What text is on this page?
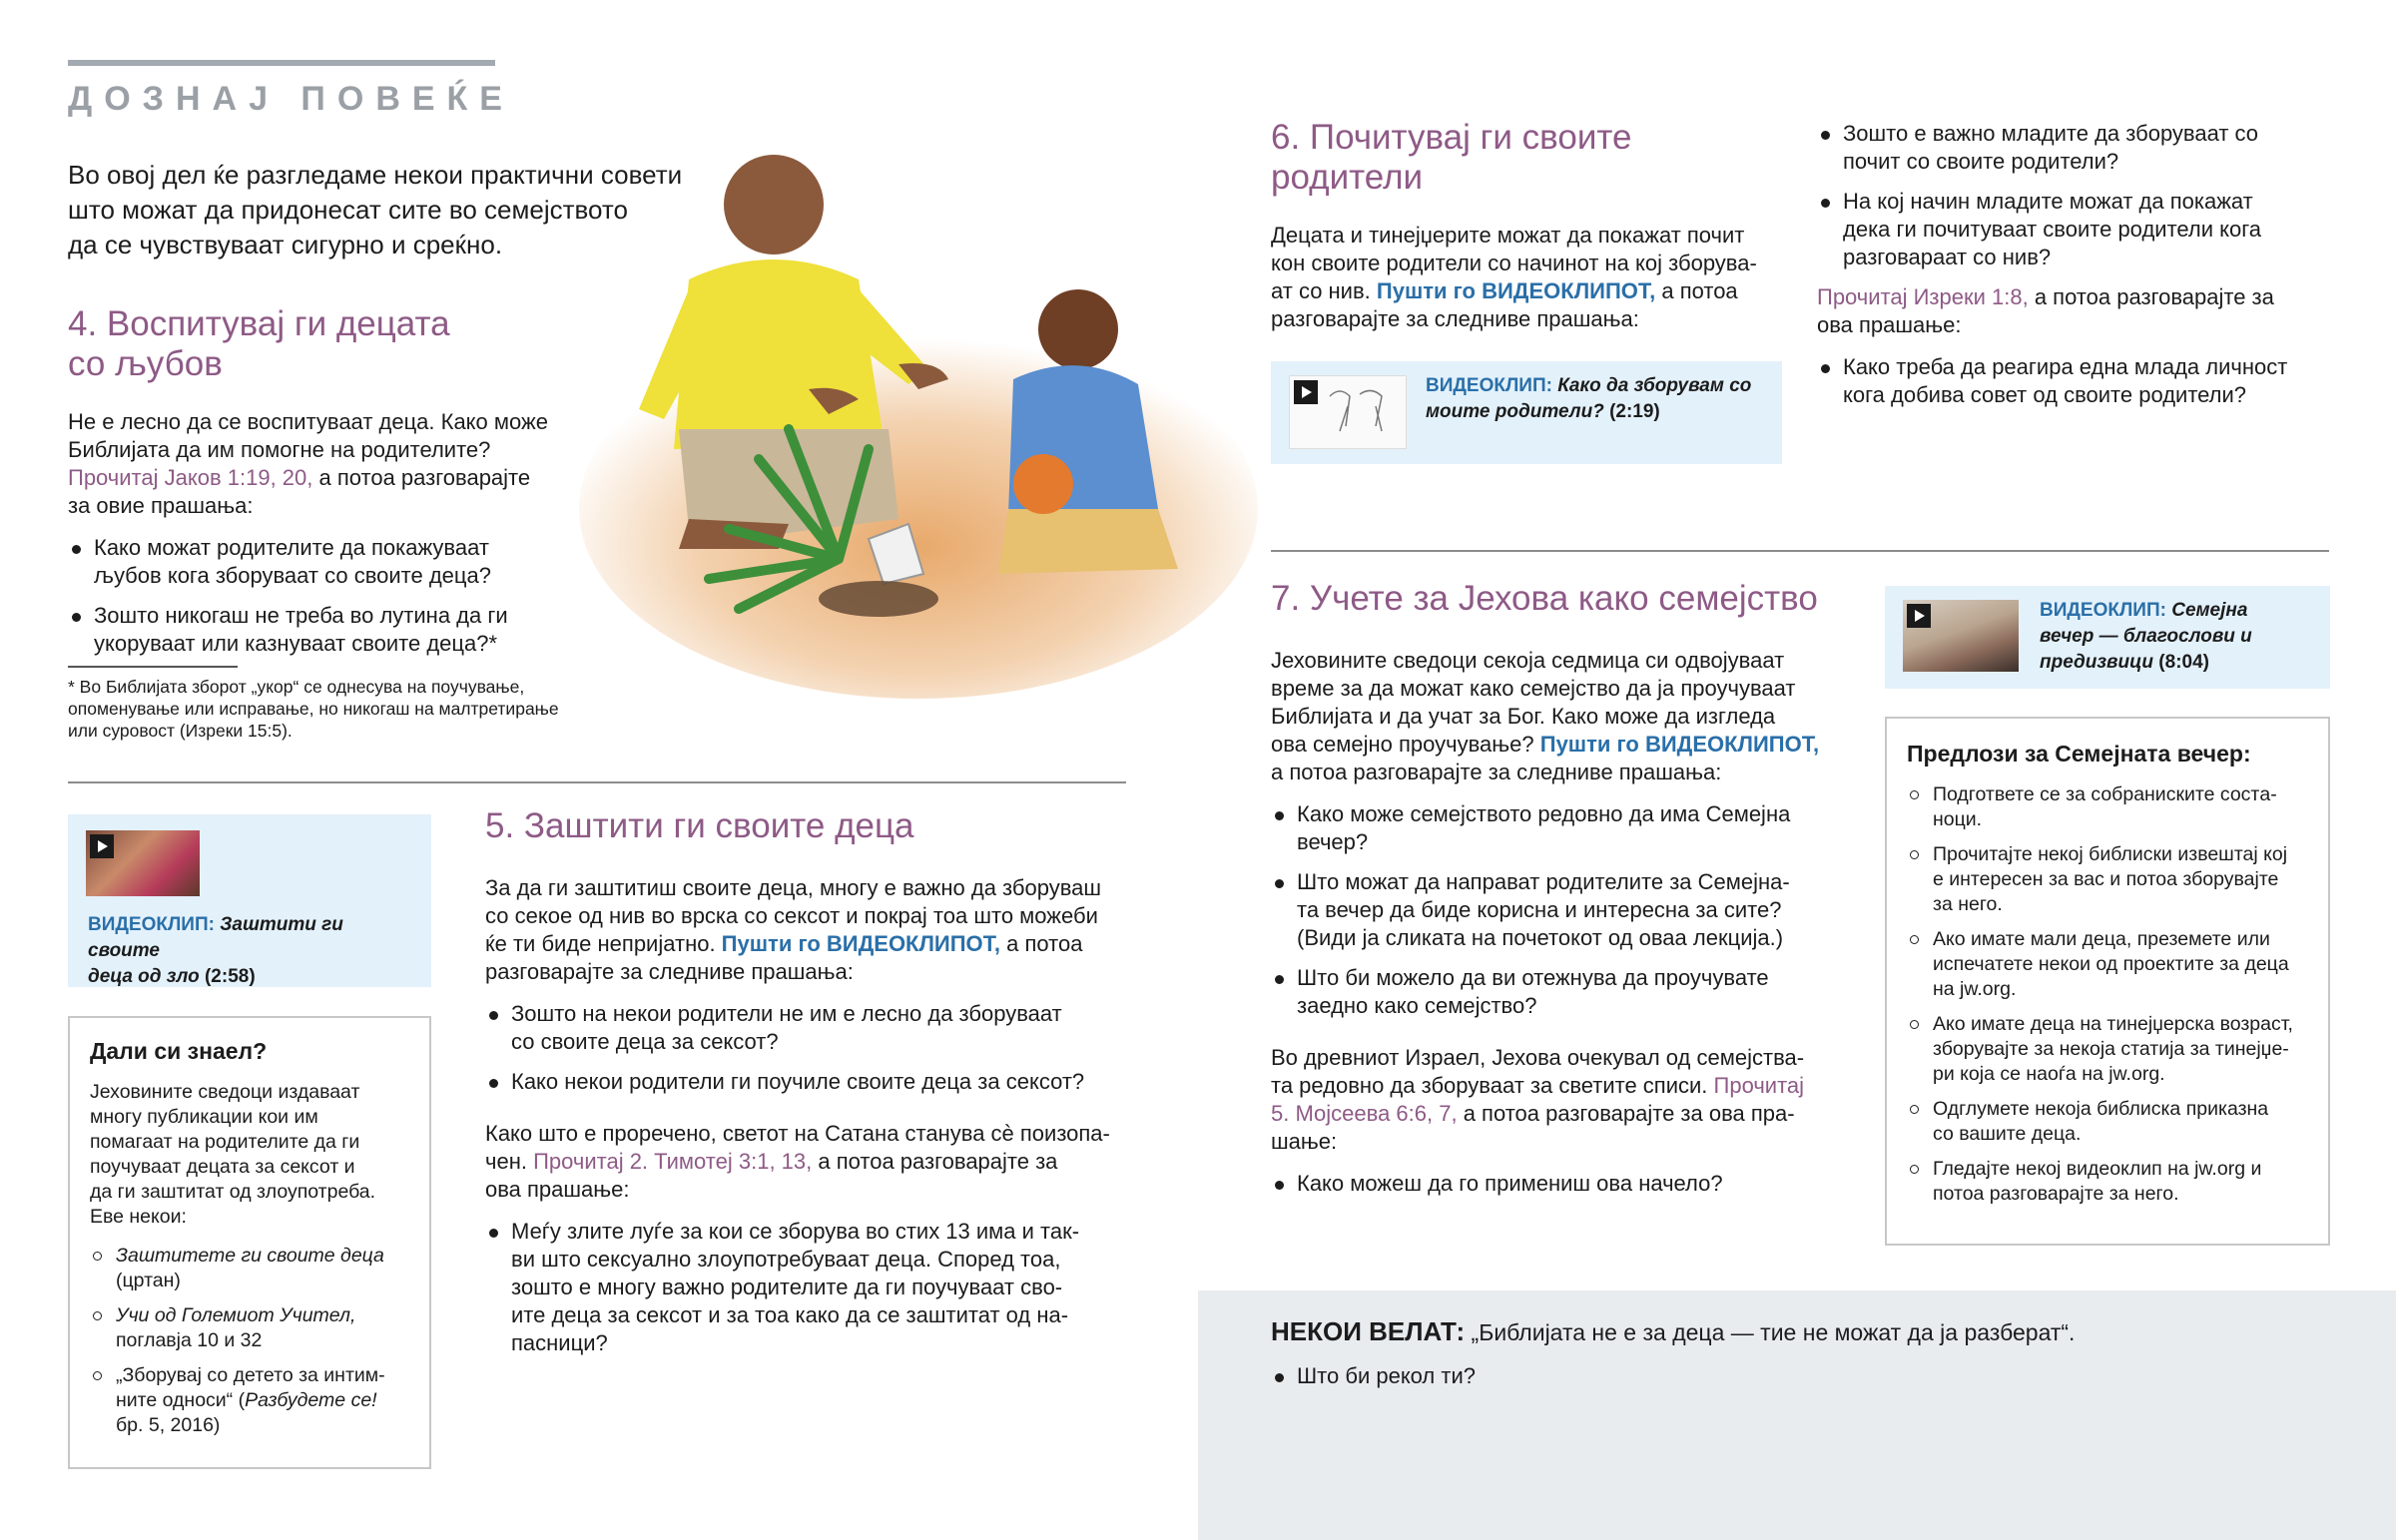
ДОЗНАЈ ПОВЕЌЕ
Во овој дел ќе разгледаме некои практични совети
што можат да придонесат сите во семејството
да се чувствуваат сигурно и среќно.
4. Воспитувај ги децата
со љубов
Не е лесно да се воспитуваат деца. Како може
Библијата да им помогне на родителите?
Прочитај Јаков 1:19, 20, а потоа разговарајте
за овие прашања:
Како можат родителите да покажуваат
љубов кога зборуваат со своите деца?
Зошто никогаш не треба во лутина да ги
укоруваат или казнуваат своите деца?*
* Во Библијата зборот „укор“ се однесува на поучување,
опоменување или исправање, но никогаш на малтретирање
или суровост (Изреки 15:5).
ВИДЕОКЛИП: Заштити ги своите
деца од зло (2:58)
Дали си знаел?
Јеховините сведоци издаваат
многу публикации кои им
помагаат на родителите да ги
поучуваат децата за сексот и
да ги заштитат од злоупотреба.
Еве некои:
Заштитете ги своите деца
(цртан)
Учи од Големиот Учител,
поглавја 10 и 32
„Зборувај со детето за интим-
ните односи“ (Разбудете се!
бр. 5, 2016)
5. Заштити ги своите деца
За да ги заштитиш своите деца, многу е важно да зборуваш
со секое од нив во врска со сексот и покрај тоа што можеби
ќе ти биде непријатно. Пушти го ВИДЕОКЛИПОТ, а потоа
разговарајте за следниве прашања:
Зошто на некои родители не им е лесно да зборуваат
со своите деца за сексот?
Како некои родители ги поучиле своите деца за сексот?
Како што е проречено, светот на Сатана станува сè поизопа-
чен. Прочитај 2. Тимотеј 3:1, 13, а потоа разговарајте за
ова прашање:
Меѓу злите луѓе за кои се зборува во стих 13 има и так-
ви што сексуално злоупотребуваат деца. Според тоа,
зошто е многу важно родителите да ги поучуваат сво-
ите деца за сексот и за тоа како да се заштитат од на-
пасници?
6. Почитувај ги своите
родители
Децата и тинејџерите можат да покажат почит
кон своите родители со начинот на кој зборува-
ат со нив. Пушти го ВИДЕОКЛИПОТ, а потоа
разговарајте за следниве прашања:
ВИДЕОКЛИП: Како да зборувам со
моите родители? (2:19)
Зошто е важно младите да зборуваат со
почит со своите родители?
На кој начин младите можат да покажат
дека ги почитуваат своите родители кога
разговараат со нив?
Прочитај Изреки 1:8, а потоа разговарајте за
ова прашање:
Како треба да реагира една млада личност
кога добива совет од своите родители?
7. Учете за Јехова како семејство
Јеховините сведоци секоја седмица си одвојуваат
време за да можат како семејство да ја проучуваат
Библијата и да учат за Бог. Како може да изгледа
ова семејно проучување? Пушти го ВИДЕОКЛИПОТ,
а потоа разговарајте за следниве прашања:
Како може семејството редовно да има Семејна
вечер?
Што можат да направат родителите за Семејна-
та вечер да биде корисна и интересна за сите?
(Види ја сликата на почетокот од оваа лекција.)
Што би можело да ви отежнува да проучувате
заедно како семејство?
Во древниот Израел, Јехова очекувал од семејства-
та редовно да зборуваат за светите списи. Прочитај
5. Мојсеева 6:6, 7, а потоа разговарајте за ова пра-
шање:
Како можеш да го примениш ова начело?
ВИДЕОКЛИП: Семејна
вечер — благослови и
предизвици (8:04)
Предлози за Семејната вечер:
Подгответе се за собраниските состa-
ноци.
Прочитајте некој библиски извештај кој
е интересен за вас и потоа зборувајте
за него.
Ако имате мали деца, преземете или
испечатете некои од проектите за деца
на jw.org.
Ако имате деца на тинејџерска возраст,
зборувајте за некоја статија за тинејџе-
ри која се наоѓа на jw.org.
Одглумете некоја библиска приказна
со вашите деца.
Гледајте некој видеоклип на jw.org и
потоа разговарајте за него.
НЕКОИ ВЕЛАТ: „Библијата не е за деца — тие не можат да ја разберат“.
Што би рекол ти?
